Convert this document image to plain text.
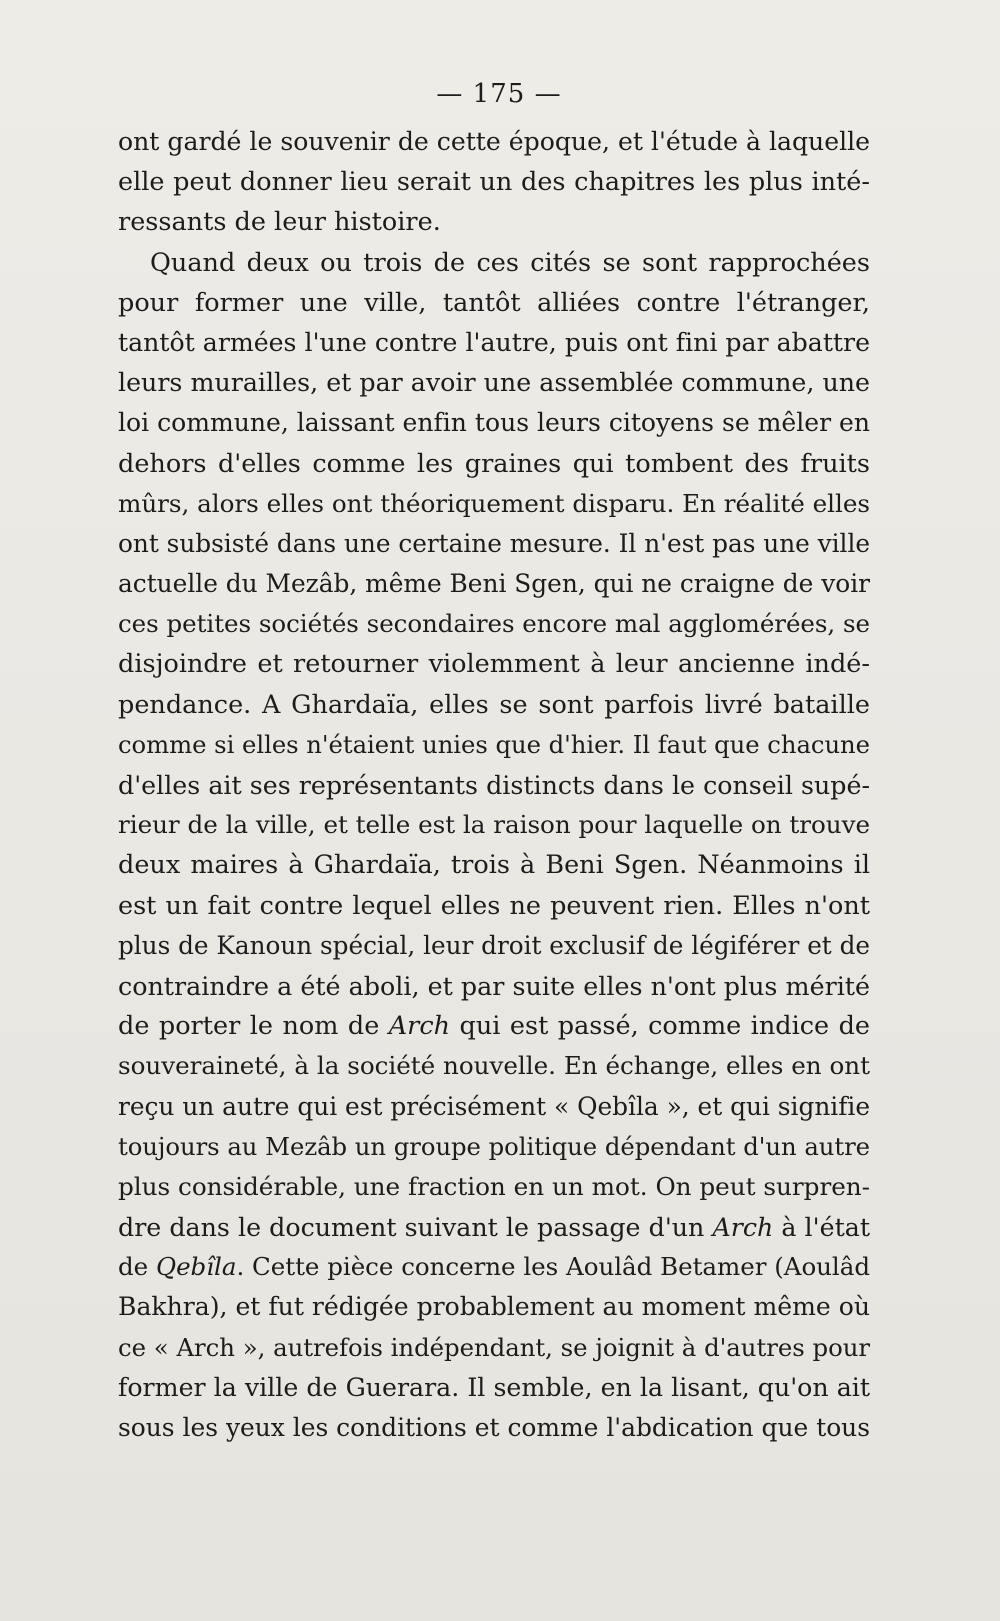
— 175 —
ont gardé le souvenir de cette époque, et l'étude à laquelle
elle peut donner lieu serait un des chapitres les plus inté-
ressants de leur histoire.
Quand deux ou trois de ces cités se sont rapprochées
pour former une ville, tantôt alliées contre l'étranger,
tantôt armées l'une contre l'autre, puis ont fini par abattre
leurs murailles, et par avoir une assemblée commune, une
loi commune, laissant enfin tous leurs citoyens se mêler en
dehors d'elles comme les graines qui tombent des fruits
mûrs, alors elles ont théoriquement disparu. En réalité elles
ont subsisté dans une certaine mesure. Il n'est pas une ville
actuelle du Mezâb, même Beni Sgen, qui ne craigne de voir
ces petites sociétés secondaires encore mal agglomérées, se
disjoindre et retourner violemment à leur ancienne indé-
pendance. A Ghardaïa, elles se sont parfois livré bataille
comme si elles n'étaient unies que d'hier. Il faut que chacune
d'elles ait ses représentants distincts dans le conseil supé-
rieur de la ville, et telle est la raison pour laquelle on trouve
deux maires à Ghardaïa, trois à Beni Sgen. Néanmoins il
est un fait contre lequel elles ne peuvent rien. Elles n'ont
plus de Kanoun spécial, leur droit exclusif de légiférer et de
contraindre a été aboli, et par suite elles n'ont plus mérité
de porter le nom de Arch qui est passé, comme indice de
souveraineté, à la société nouvelle. En échange, elles en ont
reçu un autre qui est précisément « Qebîla », et qui signifie
toujours au Mezâb un groupe politique dépendant d'un autre
plus considérable, une fraction en un mot. On peut surpren-
dre dans le document suivant le passage d'un Arch à l'état
de Qebîla. Cette pièce concerne les Aoulâd Betamer (Aoulâd
Bakhra), et fut rédigée probablement au moment même où
ce « Arch », autrefois indépendant, se joignit à d'autres pour
former la ville de Guerara. Il semble, en la lisant, qu'on ait
sous les yeux les conditions et comme l'abdication que tous
